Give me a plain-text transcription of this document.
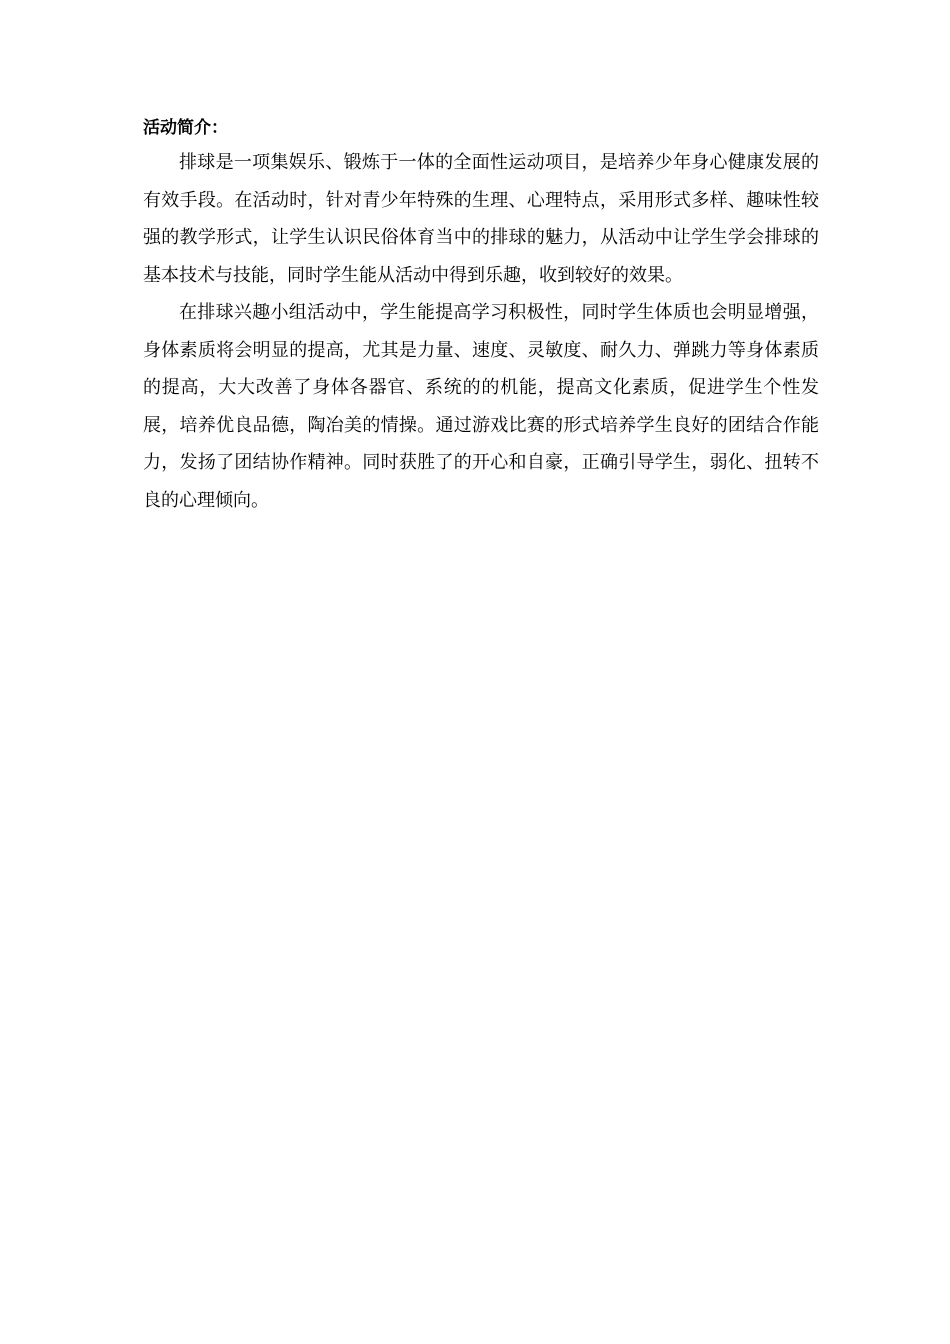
活动简介：

排球是一项集娱乐、锻炼于一体的全面性运动项目，是培养少年身心健康发展的有效手段。在活动时，针对青少年特殊的生理、心理特点，采用形式多样、趣味性较强的教学形式，让学生认识民俗体育当中的排球的魅力，从活动中让学生学会排球的基本技术与技能，同时学生能从活动中得到乐趣，收到较好的效果。

在排球兴趣小组活动中，学生能提高学习积极性，同时学生体质也会明显增强，身体素质将会明显的提高，尤其是力量、速度、灵敏度、耐久力、弹跳力等身体素质的提高，大大改善了身体各器官、系统的的机能，提高文化素质，促进学生个性发展，培养优良品德，陶冶美的情操。通过游戏比赛的形式培养学生良好的团结合作能力，发扬了团结协作精神。同时获胜了的开心和自豪，正确引导学生，弱化、扭转不良的心理倾向。
